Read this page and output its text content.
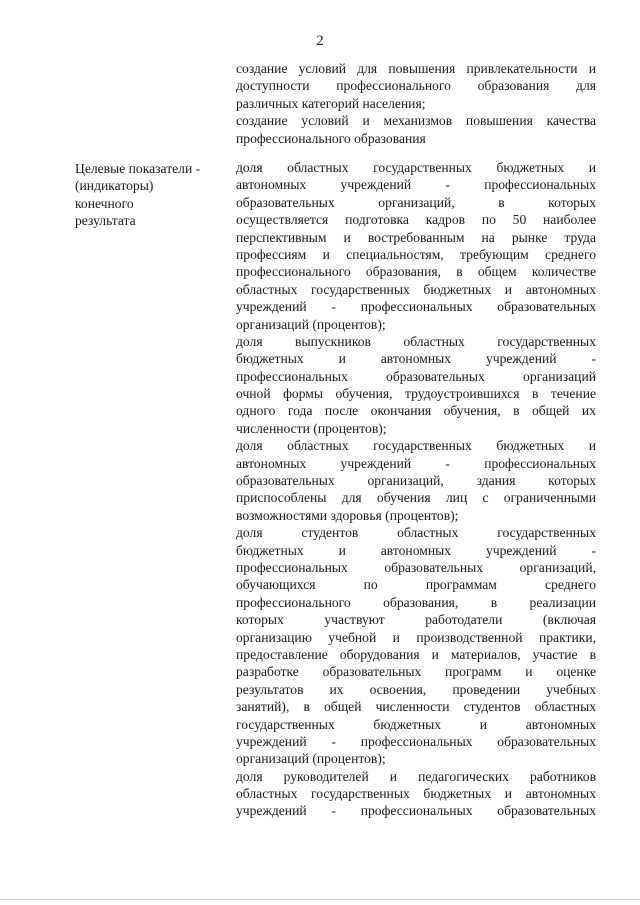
2
создание условий для повышения привлекательности и
доступности профессионального образования для
различных категорий населения;
создание условий и механизмов повышения качества
профессионального образования
Целевые показатели -
(индикаторы)
конечного
результата
доля областных государственных бюджетных и
автономных учреждений - профессиональных
образовательных организаций, в которых
осуществляется подготовка кадров по 50 наиболее
перспективным и востребованным на рынке труда
профессиям и специальностям, требующим среднего
профессионального образования, в общем количестве
областных государственных бюджетных и автономных
учреждений - профессиональных образовательных
организаций (процентов);
доля выпускников областных государственных
бюджетных и автономных учреждений -
профессиональных образовательных организаций
очной формы обучения, трудоустроившихся в течение
одного года после окончания обучения, в общей их
численности (процентов);
доля областных государственных бюджетных и
автономных учреждений - профессиональных
образовательных организаций, здания которых
приспособлены для обучения лиц с ограниченными
возможностями здоровья (процентов);
доля студентов областных государственных
бюджетных и автономных учреждений -
профессиональных образовательных организаций,
обучающихся по программам среднего
профессионального образования, в реализации
которых участвуют работодатели (включая
организацию учебной и производственной практики,
предоставление оборудования и материалов, участие в
разработке образовательных программ и оценке
результатов их освоения, проведении учебных
занятий), в общей численности студентов областных
государственных бюджетных и автономных
учреждений - профессиональных образовательных
организаций (процентов);
доля руководителей и педагогических работников
областных государственных бюджетных и автономных
учреждений - профессиональных образовательных
